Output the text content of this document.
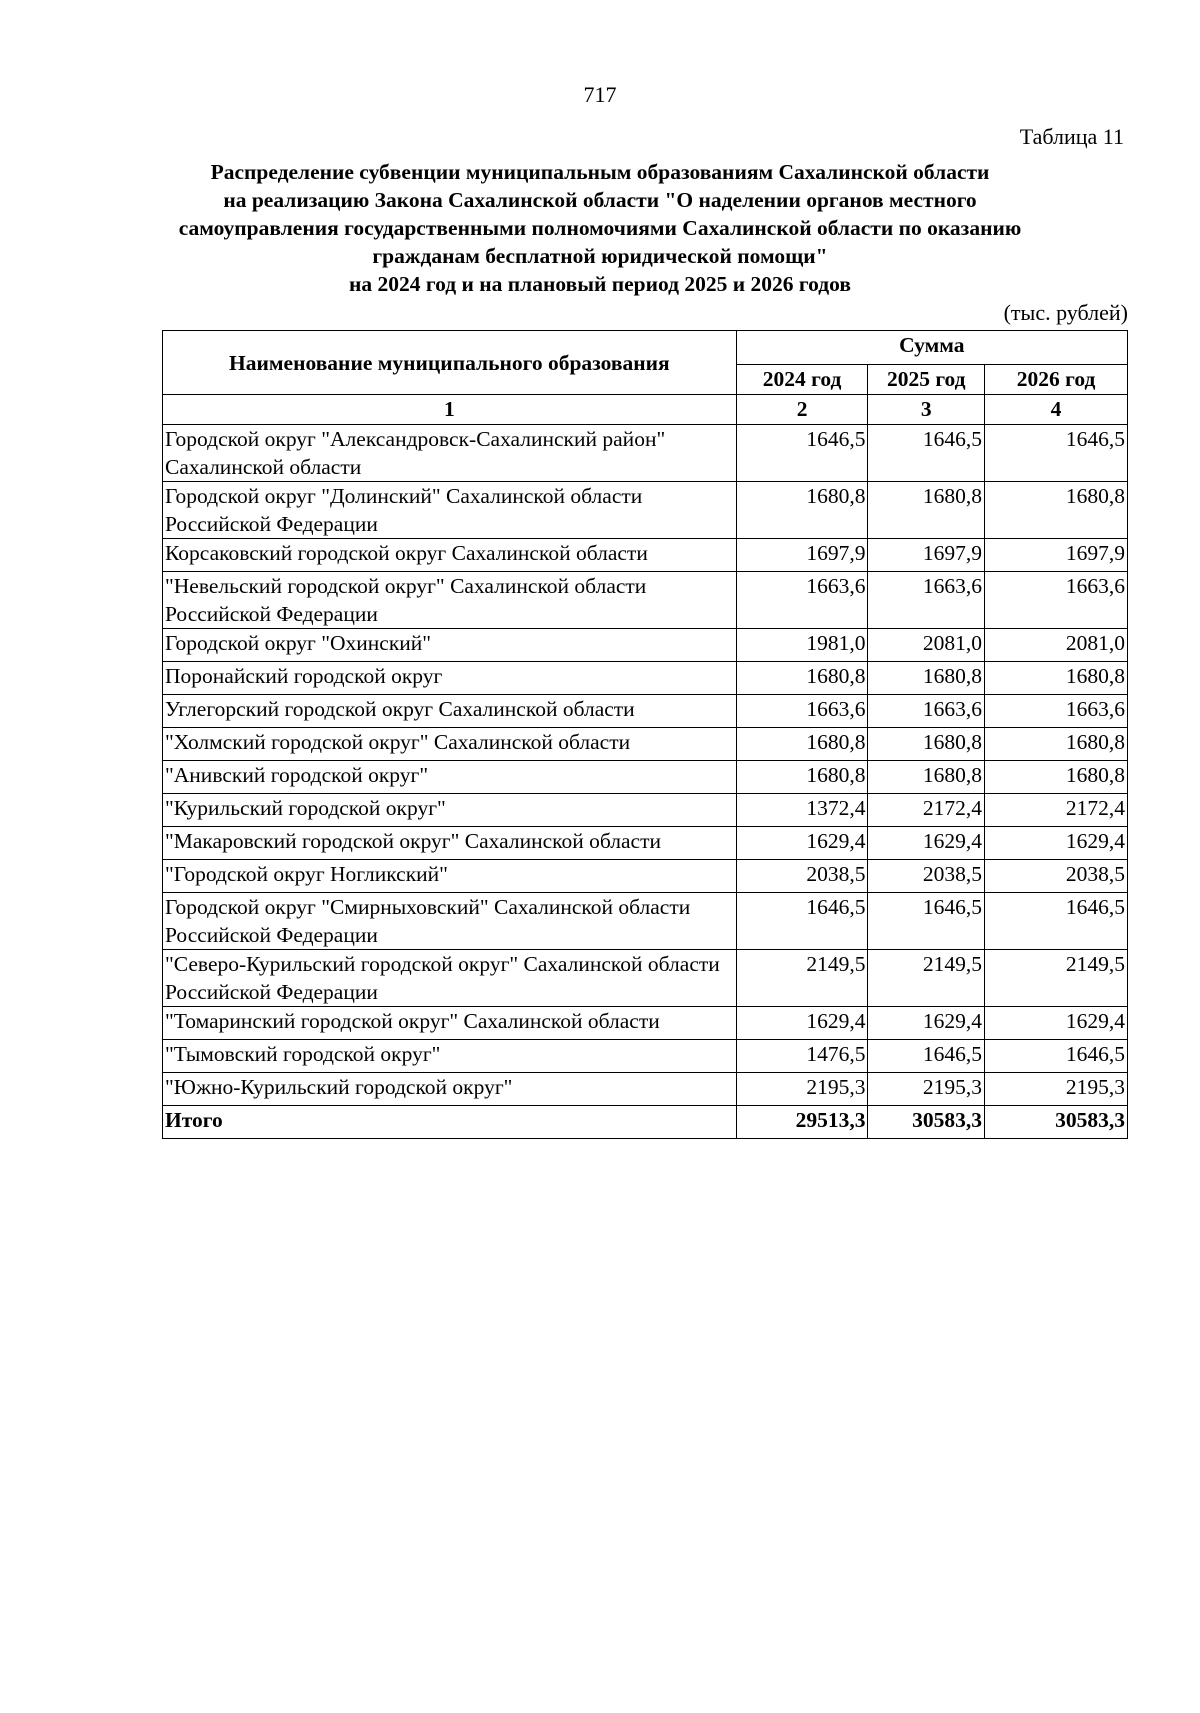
717
Таблица 11
Распределение субвенции муниципальным образованиям Сахалинской области
на реализацию Закона Сахалинской области "О наделении органов местного
самоуправления государственными полномочиями Сахалинской области по оказанию
гражданам бесплатной юридической помощи"
на 2024 год и на плановый период 2025 и 2026 годов
(тыс. рублей)
Наименование муниципального образования	Сумма		
	2024 год	2025 год	2026 год
1	2	3	4
Городской округ "Александровск-Сахалинский район" Сахалинской области	1646,5	1646,5	1646,5
Городской округ "Долинский" Сахалинской области Российской Федерации	1680,8	1680,8	1680,8
Корсаковский городской округ Сахалинской области	1697,9	1697,9	1697,9
"Невельский городской округ" Сахалинской области Российской Федерации	1663,6	1663,6	1663,6
Городской округ "Охинский"	1981,0	2081,0	2081,0
Поронайский городской округ	1680,8	1680,8	1680,8
Углегорский городской округ Сахалинской области	1663,6	1663,6	1663,6
"Холмский городской округ" Сахалинской области	1680,8	1680,8	1680,8
"Анивский городской округ"	1680,8	1680,8	1680,8
"Курильский городской округ"	1372,4	2172,4	2172,4
"Макаровский городской округ" Сахалинской области	1629,4	1629,4	1629,4
"Городской округ Ногликский"	2038,5	2038,5	2038,5
Городской округ "Смирныховский" Сахалинской области Российской Федерации	1646,5	1646,5	1646,5
"Северо-Курильский городской округ" Сахалинской области Российской Федерации	2149,5	2149,5	2149,5
"Томаринский городской округ" Сахалинской области	1629,4	1629,4	1629,4
"Тымовский городской округ"	1476,5	1646,5	1646,5
"Южно-Курильский городской округ"	2195,3	2195,3	2195,3
Итого	29513,3	30583,3	30583,3
